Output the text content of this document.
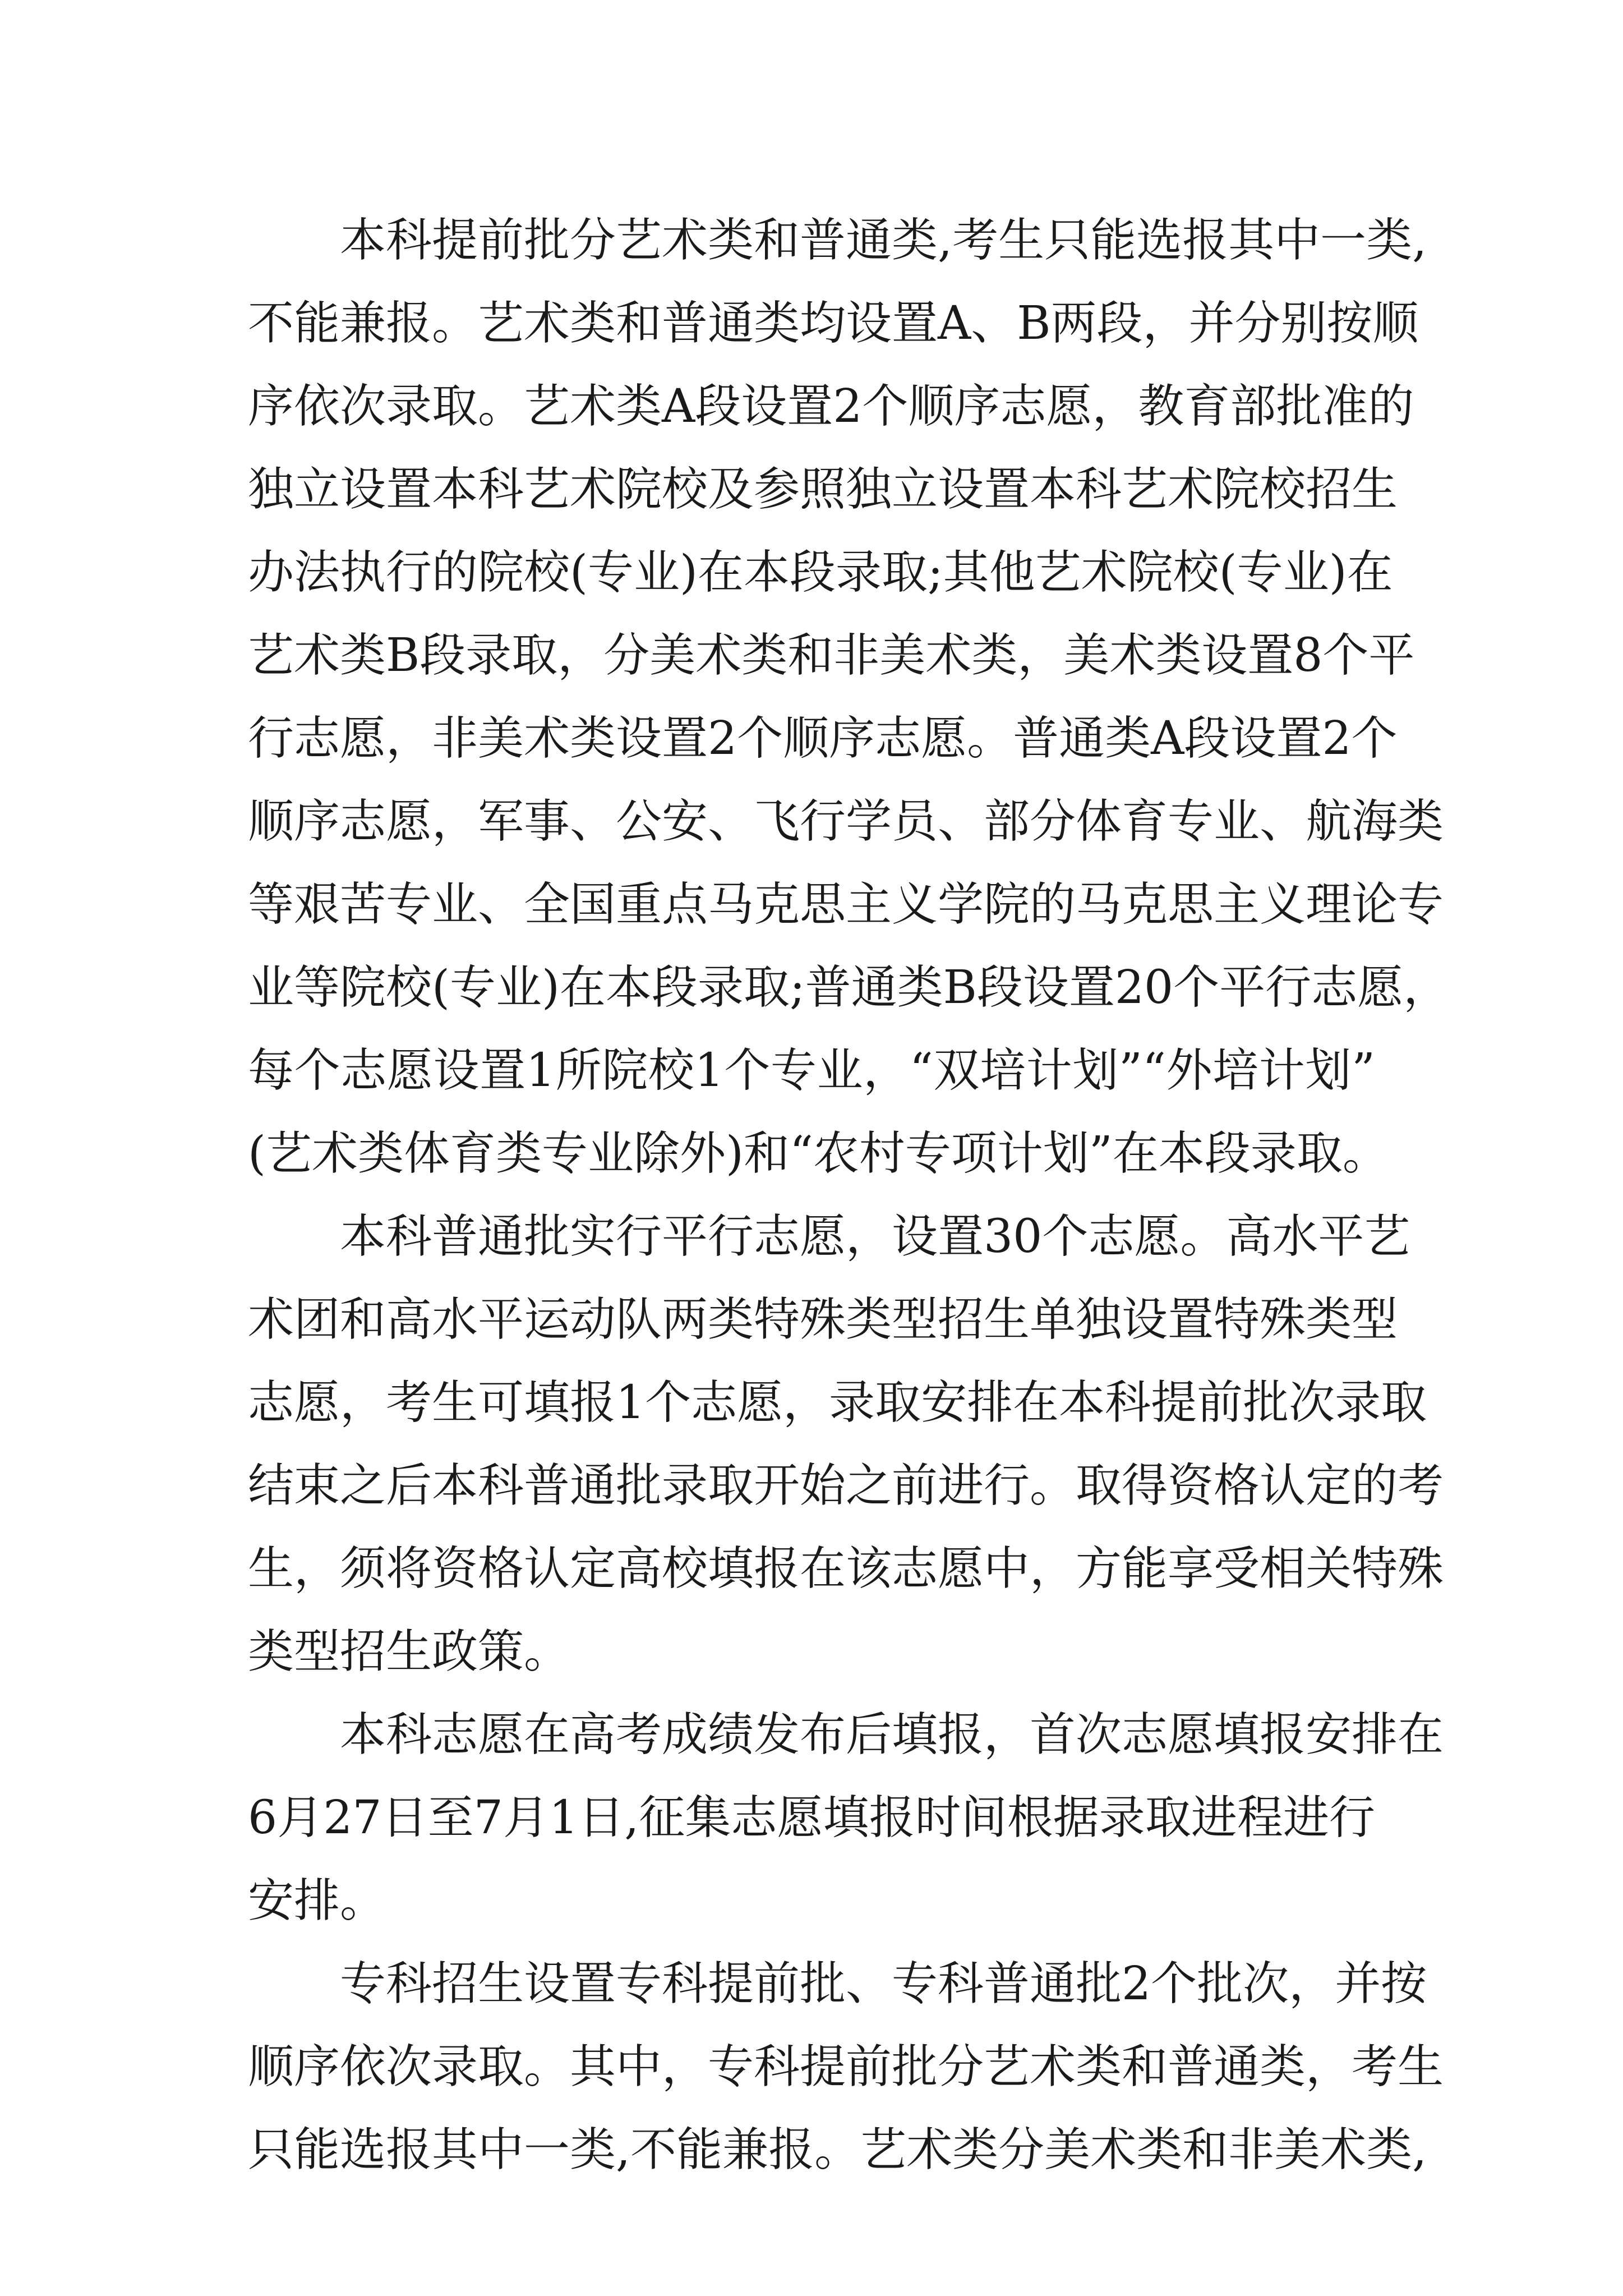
本科提前批分艺术类和普通类,考生只能选报其中一类,
不能兼报。艺术类和普通类均设置A、B两段，并分别按顺
序依次录取。艺术类A段设置2个顺序志愿，教育部批准的
独立设置本科艺术院校及参照独立设置本科艺术院校招生
办法执行的院校(专业)在本段录取;其他艺术院校(专业)在
艺术类B段录取，分美术类和非美术类，美术类设置8个平
行志愿，非美术类设置2个顺序志愿。普通类A段设置2个
顺序志愿，军事、公安、飞行学员、部分体育专业、航海类
等艰苦专业、全国重点马克思主义学院的马克思主义理论专
业等院校(专业)在本段录取;普通类B段设置20个平行志愿，
每个志愿设置1所院校1个专业，“双培计划”“外培计划”
(艺术类体育类专业除外)和“农村专项计划”在本段录取。
本科普通批实行平行志愿，设置30个志愿。高水平艺
术团和高水平运动队两类特殊类型招生单独设置特殊类型
志愿，考生可填报1个志愿，录取安排在本科提前批次录取
结束之后本科普通批录取开始之前进行。取得资格认定的考
生，须将资格认定高校填报在该志愿中，方能享受相关特殊
类型招生政策。
本科志愿在高考成绩发布后填报，首次志愿填报安排在
6月27日至7月1日,征集志愿填报时间根据录取进程进行
安排。
专科招生设置专科提前批、专科普通批2个批次，并按
顺序依次录取。其中，专科提前批分艺术类和普通类，考生
只能选报其中一类,不能兼报。艺术类分美术类和非美术类,
